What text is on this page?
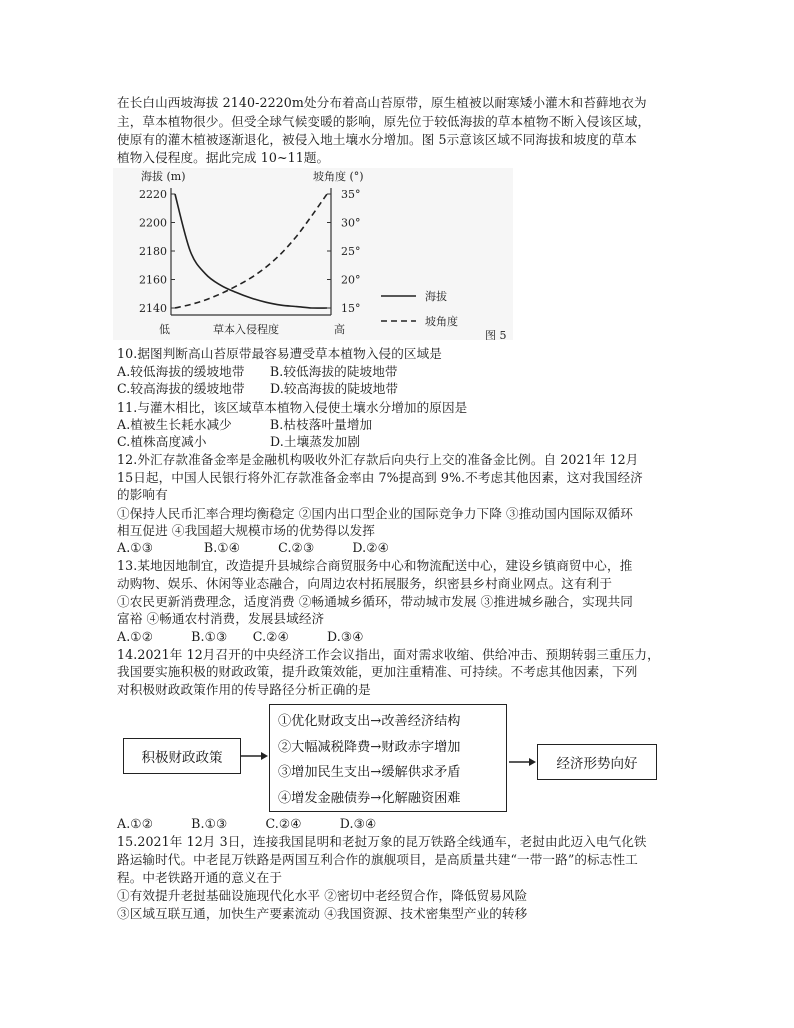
在长白山西坡海拔 2140-2220m处分布着高山苔原带，原生植被以耐寒矮小灌木和苔藓地衣为
主，草本植物很少。但受全球气候变暖的影响，原先位于较低海拔的草本植物不断入侵该区域，
使原有的灌木植被逐渐退化，被侵入地土壤水分增加。图 5示意该区域不同海拔和坡度的草本
植物入侵程度。据此完成 10~11题。
海拔 (m)	坡角度 (°)
2220
2200
2180
2160
2140
35°
30°
25°
20°
15°
低	草本入侵程度	高
海拔
坡角度
图 5
10.据图判断高山苔原带最容易遭受草本植物入侵的区域是
A.较低海拔的缓坡地带　　B.较低海拔的陡坡地带
C.较高海拔的缓坡地带　　D.较高海拔的陡坡地带
11.与灌木相比，该区域草本植物入侵使土壤水分增加的原因是
A.植被生长耗水减少　　　B.枯枝落叶量增加
C.植株高度减小　　　　　D.土壤蒸发加剧
12.外汇存款准备金率是金融机构吸收外汇存款后向央行上交的准备金比例。自 2021年 12月
15日起，中国人民银行将外汇存款准备金率由 7%提高到 9%.不考虑其他因素，这对我国经济
的影响有
①保持人民币汇率合理均衡稳定 ②国内出口型企业的国际竞争力下降 ③推动国内国际双循环
相互促进 ④我国超大规模市场的优势得以发挥
A.①③　　　　B.①④　　　C.②③　　　D.②④
13.某地因地制宜，改造提升县城综合商贸服务中心和物流配送中心，建设乡镇商贸中心，推
动购物、娱乐、休闲等业态融合，向周边农村拓展服务，织密县乡村商业网点。这有利于
①农民更新消费理念，适度消费 ②畅通城乡循环，带动城市发展 ③推进城乡融合，实现共同
富裕 ④畅通农村消费，发展县域经济
A.①②　　　B.①③　　C.②④　　　D.③④
14.2021年 12月召开的中央经济工作会议指出，面对需求收缩、供给冲击、预期转弱三重压力，
我国要实施积极的财政政策，提升政策效能，更加注重精准、可持续。不考虑其他因素，下列
对积极财政政策作用的传导路径分析正确的是
积极财政政策
①优化财政支出→改善经济结构
②大幅减税降费→财政赤字增加
③增加民生支出→缓解供求矛盾
④增发金融债券→化解融资困难
经济形势向好
A.①②　　　B.①③　　　C.②④　　　D.③④
15.2021年 12月 3日，连接我国昆明和老挝万象的昆万铁路全线通车，老挝由此迈入电气化铁
路运输时代。中老昆万铁路是两国互利合作的旗舰项目，是高质量共建“一带一路”的标志性工
程。中老铁路开通的意义在于
①有效提升老挝基础设施现代化水平 ②密切中老经贸合作，降低贸易风险
③区域互联互通，加快生产要素流动 ④我国资源、技术密集型产业的转移
